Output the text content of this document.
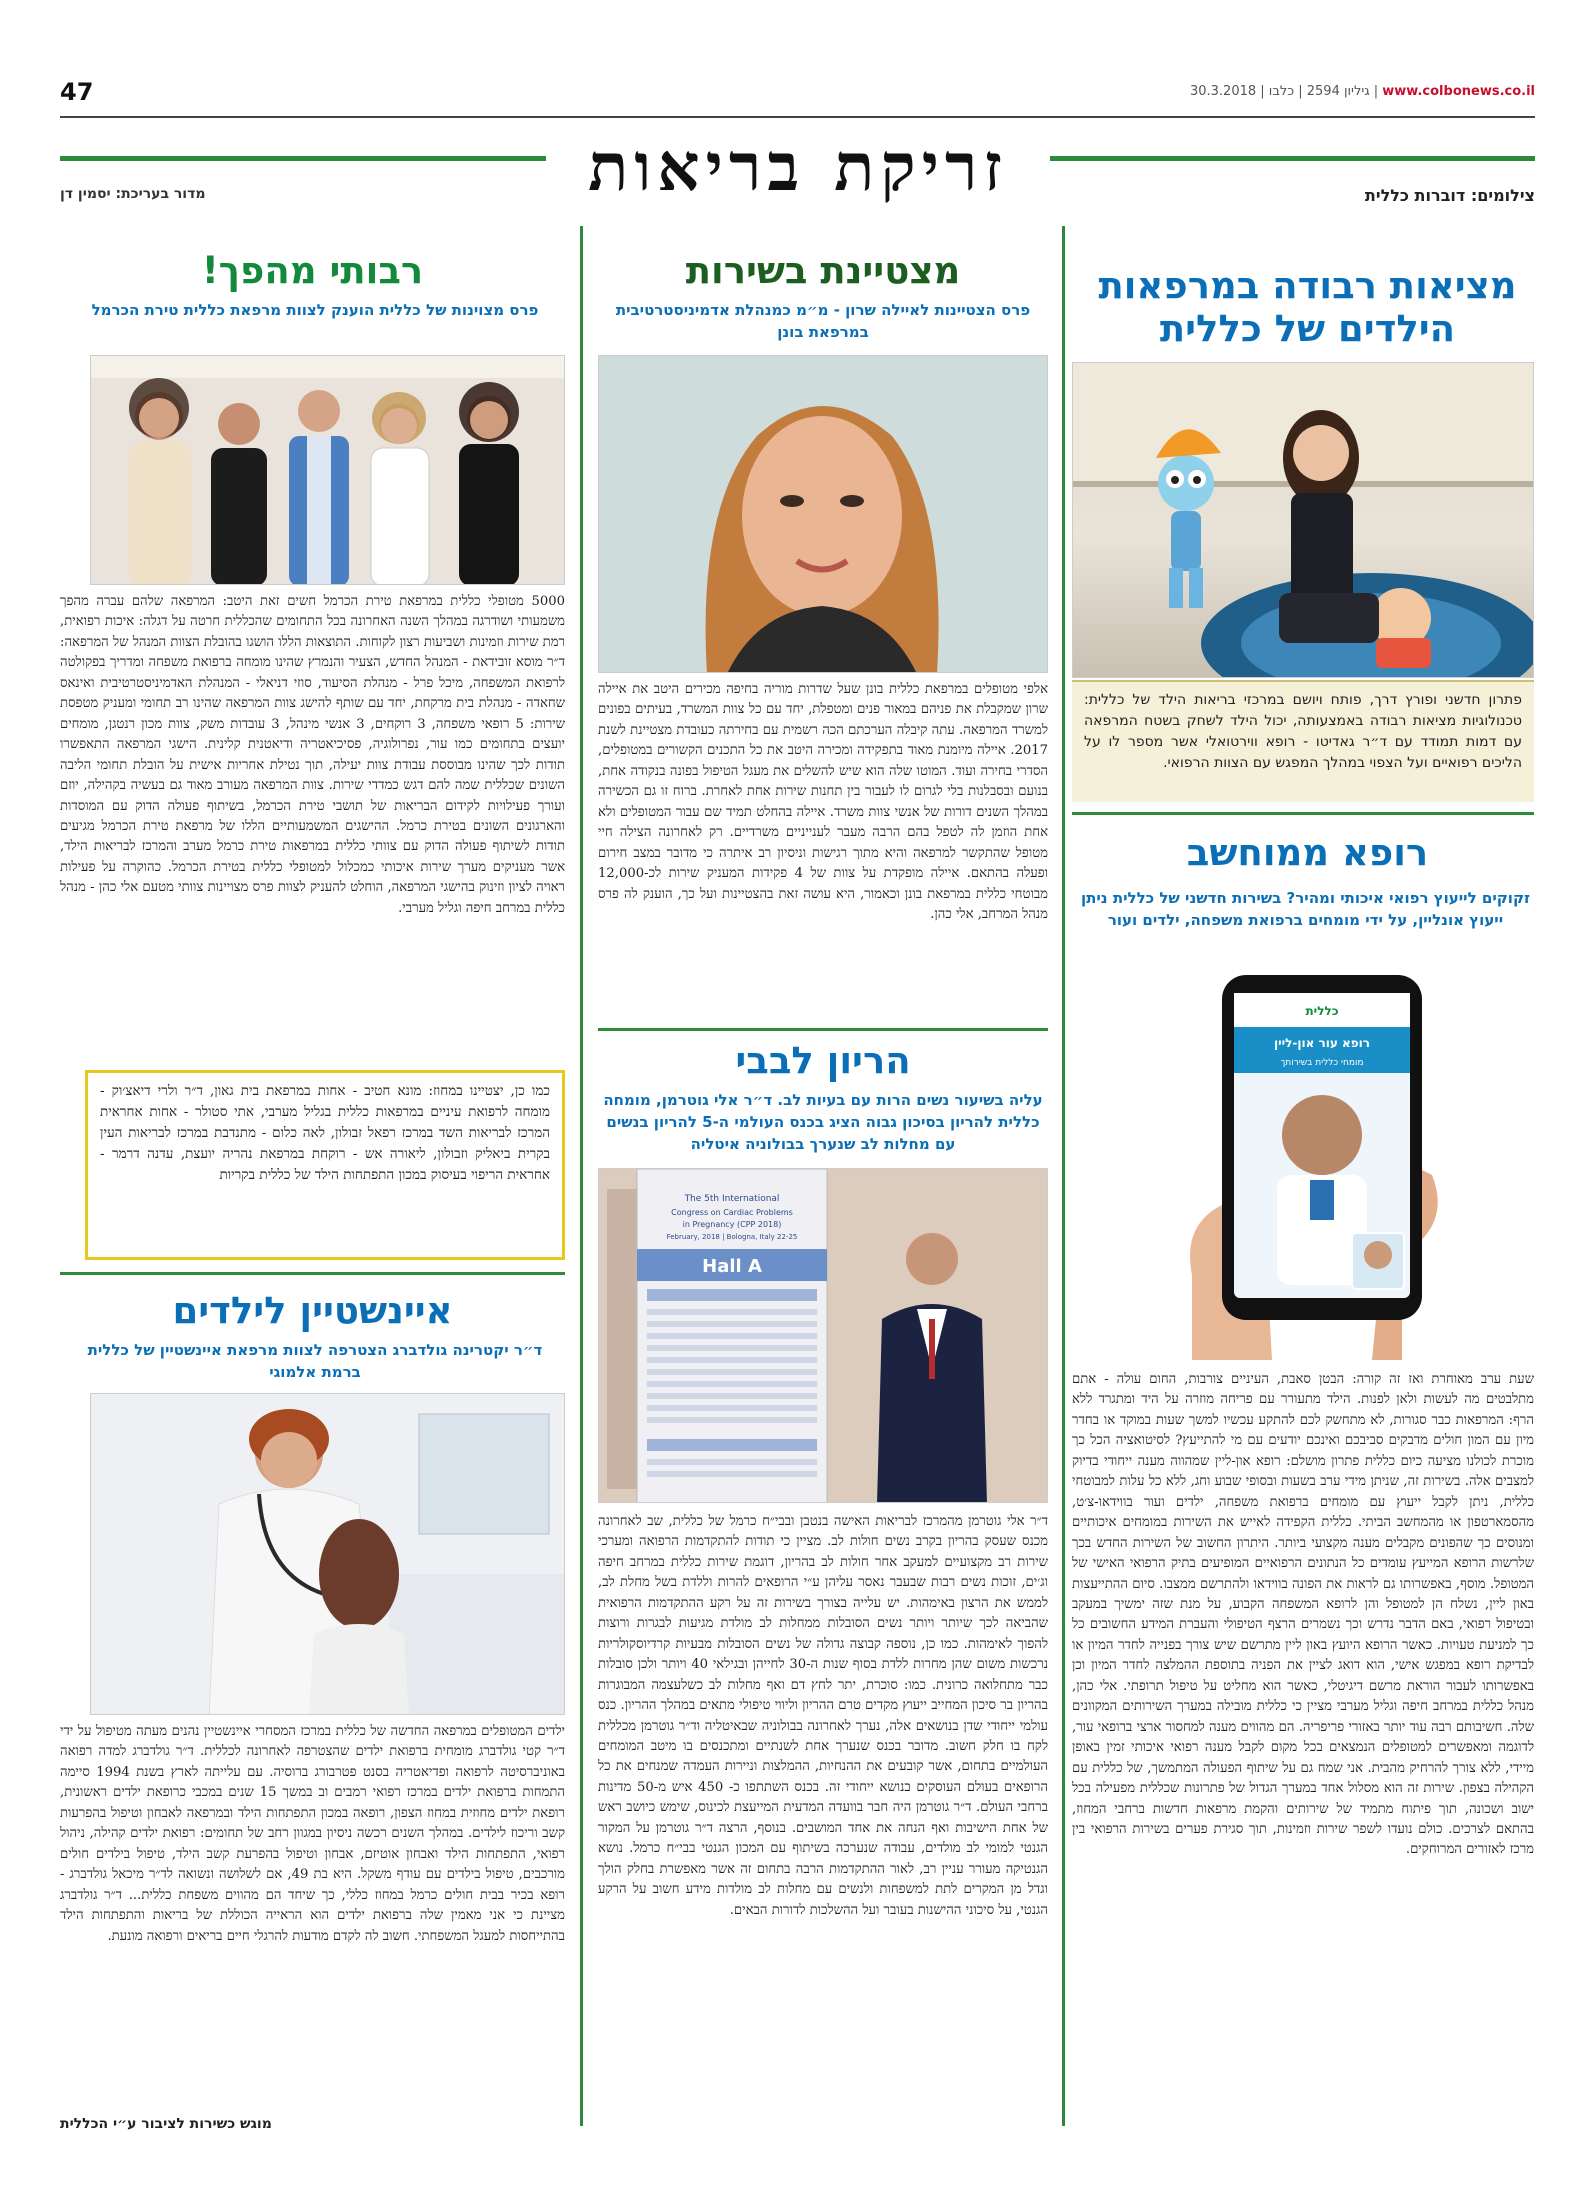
47	30.3.2018 | גיליון 2594 | כלבו | www.colbonews.co.il
זריקת בריאות	צילומים: דוברות כללית
מדור בעריכת: יסמין דן
מציאות רבודה במרפאות הילדים של כללית
פתרון חדשני ופורץ דרך, פותח ויושם במרכזי בריאות הילד של כללית: טכנולוגיות מציאות רבודה באמצעותה, יכול הילד לשחק בשטח המרפאה עם דמות תמודד עם ד״ר גאדיטו - רופא ווירטואלי אשר מספר לו על הליכים רפואיים ועל הצפוי במהלך המפגש עם הצוות הרפואי.
רופא ממוחשב
זקוקים לייעוץ רפואי איכותי ומהיר? בשירות חדשני של כללית ניתן ייעוץ אונליין, על ידי מומחים ברפואת משפחה, ילדים ועור
כללית
רופא עור און-ליין
מומחי כללית בשירותך
שעת ערב מאוחרת ואז זה קורה: הבטן סאבת, העיניים צורבות, החום עולה - אתם מתלבטים מה לעשות ולאן לפנות. הילד מתעורר עם פריחה מוזרה על היד ומתגרד ללא הרף: המרפאות כבר סגורות, לא מתחשק לכם להתקע עכשיו למשך שעות במוקד או בחדר מיון עם המון חולים מדבקים סביבכם ואינכם יודעים עם מי להתייעץ? לסיטואציה הכל כך מוכרת לכולנו מציעה כיום כללית פתרון מושלם: רופא און-ליין שמהווה מענה ייחודי בדיוק למצבים אלה. בשירות זה, שניתן מידי ערב בשעות ובסופי שבוע וחג, ללא כל עלות למבוטחי כללית, ניתן לקבל ייעוץ עם מומחים ברפואת משפחה, ילדים ועור בווידאו-צ׳ט, מהסמארטפון או מהמחשב הביתי. כללית הקפידה לאייש את השירות במומחים איכותיים ומנוסים כך שהפונים מקבלים מענה מקצועי ביותר. היתרון החשוב של השירות החדש בכך שלרשות הרופא המייעץ עומדים כל הנתונים הרפואיים המופיעים בתיק הרפואי האישי של המטופל. מוסף, באפשרותו גם לראות את הפונה בווידאו ולהתרשם ממצבו. סיום ההתייעצות באון ליין, נשלח הן למטופל והן לרופא המשפחה הקבוע, על מנת שזה ימשיך במעקב ובטיפול רפואי, באם הדבר נדרש וכך נשמרים הרצף הטיפולי והעברת המידע החשובים כל כך למניעת טעויות. כאשר הרופא היועץ באון ליין מתרשם שיש צורך בפנייה לחדר המיון או לבדיקת רופא במפגש אישי, הוא דואג לציין את הפניה בתוספת ההמלצה לחדר המיון וכן באפשרותו לעבור הוראת מרשם דיגיטלי, כאשר הוא מחליט על טיפול תרופתי. אלי כהן, מנהל כללית במרחב חיפה וגליל מערבי מציין כי כללית מובילה במערך השירותים המקוונים שלה. חשיבותם רבה עוד יותר באזורי פריפריה. הם מהווים מענה למחסור ארצי ברופאי עור, לדוגמה ומאפשרים למטופלים הנמצאים בכל מקום לקבל מענה רפואי איכותי זמין באופן מיידי, ללא צורך להרחיק מהבית. אני שמח גם על שיתוף הפעולה המתמשך, של כללית עם הקהילה בצפון. שירות זה הוא מסלול אחד במערך הגדול של פתרונות שכללית מפעילה בכל ישוב ושכונה, תוך פיתוח מתמיד של שירותים והקמת מרפאות חדשות ברחבי המחוז, בהתאם לצרכים. כולם נועדו לשפר שירות וזמינות, תוך סגירת פערים בשירות הרפואי בין מרכז לאזורים המרוחקים.
מצטיינת בשירות
פרס הצטיינות לאיילה שרון - מ״מ כמנהלת אדמיניסטרטיבית במרפאת בונן
אלפי מטופלים במרפאת כללית בונן שעל שדרות מוריה בחיפה מכירים היטב את איילה שרון שמקבלת את פניהם במאור פנים ומטפלת, יחד עם כל צוות המשרד, בעיתים בפונים למשרד המרפאה. עתה קיבלה הערכתם הכה רשמית עם בחירתה כעובדת מצטיינת לשנת 2017. איילה מיומנת מאוד בתפקידה ומכירה היטב את כל התכנים הקשורים במטופלים, הסדרי בחירה ועוד. המוטו שלה הוא שיש להשלים את מעגל הטיפול בפונה בנקודה אחת, בנועם ובסבלנות בלי לגרום לו לעבור בין תחנות שירות אחת לאחרת. ברוח זו גם הכשירה במהלך השנים דורות של אנשי צוות משרד. איילה בהחלט תמיד שם עבור המטופלים ולא אחת הוזמן לה לטפל בהם הרבה מעבר לענייניים משרדיים. רק לאחרונה הצילה חיי מטופל שהתקשר למרפאה והיא מתוך רגישות וניסיון רב איתרה כי מדובר במצב חירום ופעלה בהתאם. איילה מופקדת על צוות של 4 פקידות המעניק שירות לכ-12,000 מבוטחי כללית במרפאת בונן וכאמור, היא עושה זאת בהצטיינות ועל כך, הוענק לה פרס מנהל המרחב, אלי כהן.
הריון לבבי
עליה בשיעור נשים הרות עם בעיות לב. ד״ר אלי גוטרמן, מומחה כללית להריון בסיכון גבוה הציג בכנס העולמי ה-5 להריון בנשים עם מחלות לב שנערך בבולוניה איטליה
The 5th International
Congress on Cardiac Problems
in Pregnancy (CPP 2018)
22-25 February, 2018 | Bologna, Italy
Hall A
ד״ר אלי גוטרמן מהמרכז לבריאות האישה בנטבן ובבי״ח כרמל של כללית, שב לאחרונה מכנס שעסק בהריון בקרב נשים חולות לב. מציין כי תודות להתקדמות הרפואה ומערכי שירות רב מקצועיים למעקב אחר חולות לב בהריון, דוגמת שירות כללית במרחב חיפה וג׳ים, זוכות נשים רבות שבעבר נאסר עליהן ע״י הרופאים להרות וללדת בשל מחלת לב, לממש את הרצון באימהות. יש עלייה בצורך בשירות זה על רקע ההתקדמות הרפואית שהביאה לכך שיותר ויותר נשים הסובלות ממחלות לב מולדת מגיעות לבגרות ורוצות להפוך לאימהות. כמו כן, נוספה קבוצה גדולה של נשים הסובלות מבעיות קרדיוסקולריות נרכשות משום שהן מחרות ללדת בסוף שנות ה-30 לחייהן ובגילאי 40 ויותר ולכן סובלות כבר מתחלואה כרונית. כמו: סוכרת, יתר לחץ דם ואף מחלות לב כשלעצמה המבוגרות בהריון בר סיכון המחייב ייעוץ מקדים טרם ההריון וליווי טיפולי מתאים במהלך ההריון. כנס עולמי ייחודי שדן בנושאים אלה, נערך לאחרונה בבולוניה שבאיטליה וד״ר גוטרמן מכללית לקח בו חלק חשוב. מדובר בכנס שנערך אחת לשנתיים ומתכנסים בו מיטב המומחים העולמיים בתחום, אשר קובעים את ההנחיות, ההמלצות וניירות העמדה שמנחים את כל הרופאים בעולם העוסקים בנושא ייחודי זה. בכנס השתתפו כ- 450 איש מ-50 מדינות ברחבי העולם. ד״ר גוטרמן היה חבר בוועדה המדעית המייעצת לכינוס, שימש כיושב ראש של אחת הישיבות ואף הנחה את אחד המושבים. בנוסף, הרצה ד״ר גוטרמן על המקור הגנטי למומי לב מולדים, עבודה שנערכה בשיתוף עם המכון הגנטי בבי״ח כרמל. נושא הגנטיקה מעורר עניין רב, לאור ההתקדמות הרבה בתחום זה אשר מאפשרת בחלק הולך וגדל מן המקרים לתת למשפחות ולנשים עם מחלות לב מולדות מידע חשוב על הרקע הגנטי, על סיכוני ההישנות בעובר ועל ההשלכות לדורות הבאים.
רבותי מהפך!
פרס מצוינות של כללית הוענק לצוות מרפאת כללית טירת הכרמל
5000 מטופלי כללית במרפאת טירת הכרמל חשים זאת היטב: המרפאה שלהם עברה מהפך משמעותי ושודרגה במהלך השנה האחרונה בכל התחומים שהכללית חרטה על דגלה: איכות רפואית, רמת שירות וזמינות ושביעות רצון לקוחות. התוצאות הללו הושגו בהובלת הצוות המנהל של המרפאה: ד״ר מוסא זובידאת - המנהל החדש, הצעיר והנמרץ שהינו מומחה ברפואת משפחה ומדריך בפקולטה לרפואת המשפחה, מיכל פרל - מנהלת הסיעוד, סוזי דניאלי - המנהלת האדמיניסטרטיבית ואינאס שחאדה - מנהלת בית מרקחת, יחד עם שותף להישג צוות המרפאה שהינו רב תחומי ומעניק מטפסת שירות: 5 רופאי משפחה, 3 רוקחים, 3 אנשי מינהל, 3 עובדות משק, צוות מכון רנטגן, מומחים יועצים בתחומים כמו עור, נפרולוגיה, פסיכיאטריה ודיאטנית קלינית. הישגי המרפאה התאפשרו תודות לכך שהינו מבוססת עבודת צוות יעילה, תוך נטילת אחריות אישית על הובלת תחומי הליבה השונים שכללית שמה להם דגש כמדדי שירות. צוות המרפאה מעורב מאוד גם בעשיה בקהילה, יוזם ועורך פעילויות לקידום הבריאות של תושבי טירת הכרמל, בשיתוף פעולה הדוק עם המוסדות והארגונים השונים בטירת כרמל. ההישגים המשמעותיים הללו של מרפאת טירת הכרמל מגיעים תודות לשיתוף פעולה הדוק עם צוותי כללית במרפאות טירת כרמל מערב והמרכז לבריאות הילד, אשר מעניקים מערך שירות איכותי כמכלול למטופלי כללית בטירת הכרמל. כהוקרה על פעילות ראויה לציון וזינוק בהישגי המרפאה, הוחלט להעניק לצוות פרס מצויינות צוותי מטעם אלי כהן - מנהל כללית במרחב חיפה וגליל מערבי.
כמו כן, יצטיינו במחוז: מונא חטיב - אחות במרפאת בית גאון, ד״ר ולרי דיאצ׳וק - מומחה לרפואת עיניים במרפאות כללית בגליל מערבי, אתי סטולר - אחות אחראית המרכז לבריאות השד במרכז רפאל זבולון, לאה כלום - מתנדבת במרכז לבריאות העין בקרית ביאליק וזבולון, ליאורה אש - רוקחת במרפאת נהריה יועצת, עדנה דרמר - אחראית הריפוי בעיסוק במכון התפתחות הילד של כללית בקריות
איינשטיין לילדים
ד״ר יקטרינה גולדברג הצטרפה לצוות מרפאת איינשטיין של כללית ברמת אלמוגי
ילדים המטופלים במרפאה החדשה של כללית במרכז המסחרי איינשטיין נהנים מעתה מטיפול על ידי ד״ר קטי גולדברג מומחית ברפואת ילדים שהצטרפה לאחרונה לכללית. ד״ר גולדברג למדה רפואה באוניברסיטה לרפואה ופדיאטריה בסנט פטרבורג ברוסיה. עם עלייתה לארץ בשנת 1994 סיימה התמחות ברפואת ילדים במרכז רפואי רמבים וב במשך 15 שנים במכבי כרופאת ילדים ראשונית, רופאת ילדים מחוזית במחוז הצפון, רופאה במכון התפתחות הילד ובמרפאה לאבחון וטיפול בהפרעות קשב וריכוז לילדים. במהלך השנים רכשה ניסיון במגוון רחב של תחומים: רפואת ילדים קהילה, ניהול רפואי, התפתחות הילד ואבחון אוטיזם, אבחון וטיפול בהפרעת קשב הילד, טיפול בילדים חולים מורכבים, טיפול בילדים עם עודף משקל. היא בת 49, אם לשלושה ונשואה לד״ר מיכאל גולדברג - רופא בכיר בבית חולים כרמל במחוז כללי, כך שיחד הם מהווים משפחת כללית... ד״ר גולדברג מציינת כי אני מאמין שלה ברפואת ילדים הוא הראייה הכוללת של בריאות והתפתחות הילד בהתייחסות למעגל המשפחתי. חשוב לה לקדם מודעות להרגלי חיים בריאים ורפואה מונעת.
מוגש כשירות לציבור ע״י הכללית
